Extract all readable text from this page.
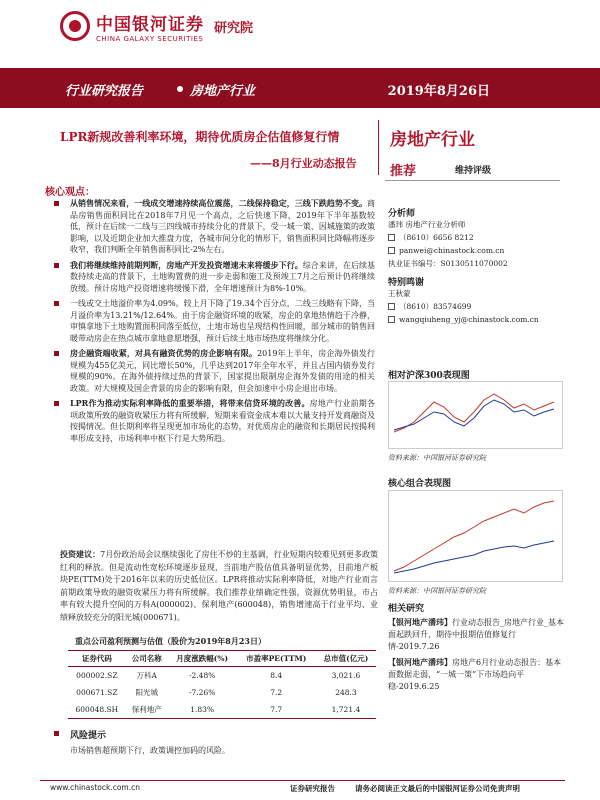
中国银河证券
CHINA GALAXY SECURITIES
研究院
行业研究报告	房地产行业	2019年8月26日
LPR新规改善利率环境，期待优质房企估值修复行情
——8月行业动态报告
房地产行业
推荐	维持评级
核心观点：
从销售情况来看，一线成交增速持续高位震荡，二线保持稳定，三线下跌趋势不变。商品房销售面积同比在2018年7月见一个高点，之后快速下降，2019年下半年基数较低，预计在后续一二线与三四线城市持续分化的背景下，受一城一策、因城施策的政策影响，以及近期企业加大推盘力度，各城市间分化的情形下，销售面积同比降幅将逐步收窄，我们判断全年销售面积同比-2%左右。
我们将继续维持前期判断，房地产开发投资增速未来将缓步下行。综合来讲，在后续基数持续走高的背景下，土地购置费的进一步走弱和施工及预竣工7月之后预计仍将继续放缓。预计房地产投资增速将缓慢下滑，全年增速预计为8%-10%。
一线或交土地溢价率为4.09%。较上月下降了19.34个百分点，二线三线略有下降，当月溢价率为13.21%/12.64%。由于房企融资环境的收紧，房企的拿地热情趋于冷静，审慎拿地下土地购置面积同落至低位，土地市场也呈现结构性回暖，部分城市的销售回暖带动房企在热点城市拿地意愿增强，预计后续土地市场热度将继续分化。
房企融资端收紧，对具有融资优势的房企影响有限。2019年上半年，房企海外债发行规模为455亿美元，同比增长50%，几乎达到2017年全年水平，并且占国内债券发行规模的90%。在海外债持续过热的背景下，国家提出限制房企海外发债的用途的相关政策。对大规模及国企背景的房企的影响有限，但会加速中小房企退出市场。
LPR作为推动实际利率降低的重要举措，将带来信贷环境的改善。房地产行业前期各项政策所致的融资收紧压力将有所缓解，短期来看资金成本难以大量支持开发商融资及按揭情况。但长期利率将呈现更加市场化的态势，对优质房企的融资和长期居民按揭利率形成支持，市场利率中枢下行是大势所趋。
投资建议：7月份政治局会议继续强化了房住不炒的主基调，行业短期内较难见到更多政策红利的释放。但是流动性宽松环境逐步显现，当前地产股估值具备明显优势，目前地产板块PE(TTM)处于2016年以来的历史低位区。LPR将推动实际利率降低，对地产行业而言前期政策导致的融资收紧压力将有所缓解。我们推荐业绩确定性强，资源优势明显，市占率有较大提升空间的万科A(000002)、保利地产(600048)，销售增速高于行业平均、业绩释放较充分的阳光城(000671)。
重点公司盈利预测与估值（股价为2019年8月23日）
证券代码	公司名称	月度涨跌幅(%)	市盈率PE(TTM)	总市值(亿元)
000002.SZ	万科A	-2.48%	8.4	3,021.6
000671.SZ	阳光城	-7.26%	7.2	248.3
600048.SH	保利地产	1.83%	7.7	1,721.4
风险提示
市场销售超预期下行，政策调控加码的风险。
分析师
潘玮 房地产行业分析师
（8610）6656 8212
panwei@chinastock.com.cn
执业证书编号：S0130511070002
特别鸣谢
王秋蒙
（8610）83574699
wangqiuheng_yj@chinastock.com.cn
相对沪深300表现图
资料来源：中国银河证券研究院
核心组合表现图
资料来源：中国银河证券研究院
相关研究
【银河地产潘玮】行业动态报告_房地产行业_基本面起跌回升，期待中报期估值修复行情-2019.7.26
【银河地产潘玮】房地产6月行业动态报告：基本面数据走弱，“一城一策”下市场趋向平稳-2019.6.25
www.chinastock.com.cn	证券研究报告	请务必阅读正文最后的中国银河证券公司免责声明
